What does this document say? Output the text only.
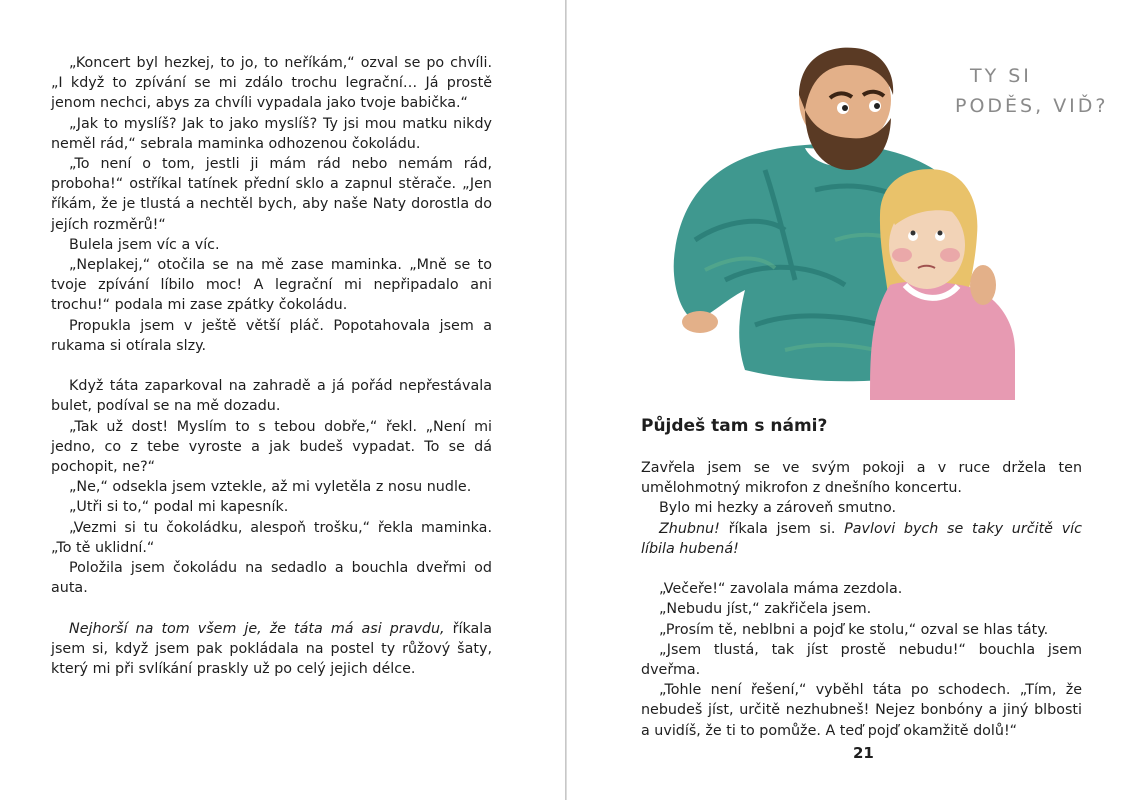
„Koncert byl hezkej, to jo, to neříkám,“ ozval se po chvíli. „I když to zpívání se mi zdálo trochu legrační… Já prostě jenom nechci, abys za chvíli vypadala jako tvoje babička.“

„Jak to myslíš? Jak to jako myslíš? Ty jsi mou matku nikdy neměl rád,“ sebrala maminka odhozenou čokoládu.

„To není o tom, jestli ji mám rád nebo nemám rád, proboha!“ ostříkal tatínek přední sklo a zapnul stěrače. „Jen říkám, že je tlustá a nechtěl bych, aby naše Naty dorostla do jejích rozměrů!“

Bulela jsem víc a víc.

„Neplakej,“ otočila se na mě zase maminka. „Mně se to tvoje zpívání líbilo moc! A legrační mi nepřipadalo ani trochu!“ podala mi zase zpátky čokoládu.

Propukla jsem v ještě větší pláč. Popotahovala jsem a rukama si otírala slzy.

Když táta zaparkoval na zahradě a já pořád nepřestávala bulet, podíval se na mě dozadu.

„Tak už dost! Myslím to s tebou dobře,“ řekl. „Není mi jedno, co z tebe vyroste a jak budeš vypadat. To se dá pochopit, ne?“

„Ne,“ odsekla jsem vztekle, až mi vyletěla z nosu nudle.

„Utři si to,“ podal mi kapesník.

„Vezmi si tu čokoládku, alespoň trošku,“ řekla maminka. „To tě uklidní.“

Položila jsem čokoládu na sedadlo a bouchla dveřmi od auta.

Nejhorší na tom všem je, že táta má asi pravdu, říkala jsem si, když jsem pak pokládala na postel ty růžový šaty, který mi při svlíkání praskly už po celý jejich délce.

TY SI
PODĚS, VIĎ?
Půjdeš tam s námi?

Zavřela jsem se ve svým pokoji a v ruce držela ten umělohmotný mikrofon z dnešního koncertu.

Bylo mi hezky a zároveň smutno.

Zhubnu! říkala jsem si. Pavlovi bych se taky určitě víc líbila hubená!

„Večeře!“ zavolala máma zezdola.

„Nebudu jíst,“ zakřičela jsem.

„Prosím tě, neblbni a pojď ke stolu,“ ozval se hlas táty.

„Jsem tlustá, tak jíst prostě nebudu!“ bouchla jsem dveřma.

„Tohle není řešení,“ vyběhl táta po schodech. „Tím, že nebudeš jíst, určitě nezhubneš! Nejez bonbóny a jiný blbosti a uvidíš, že ti to pomůže. A teď pojď okamžitě dolů!“

21
